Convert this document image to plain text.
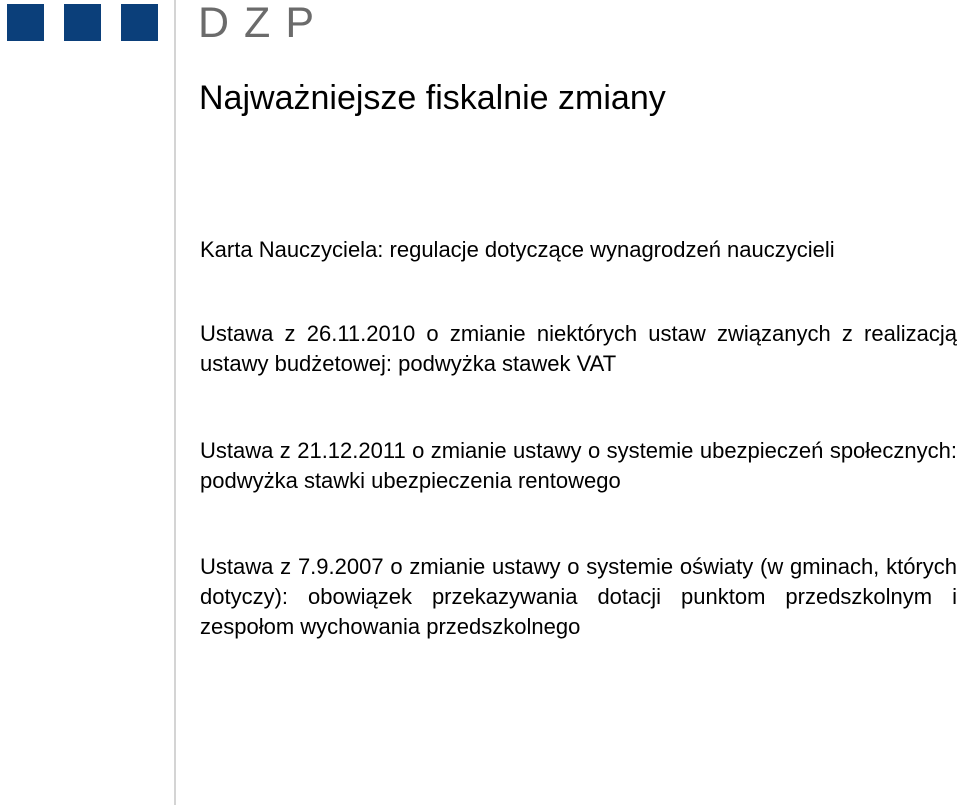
DZP

Najważniejsze fiskalnie zmiany

Karta Nauczyciela: regulacje dotyczące wynagrodzeń nauczycieli

Ustawa z 26.11.2010 o zmianie niektórych ustaw związanych z realizacją ustawy budżetowej: podwyżka stawek VAT

Ustawa z 21.12.2011 o zmianie ustawy o systemie ubezpieczeń społecznych: podwyżka stawki ubezpieczenia rentowego

Ustawa z 7.9.2007 o zmianie ustawy o systemie oświaty (w gminach, których dotyczy): obowiązek przekazywania dotacji punktom przedszkolnym i zespołom wychowania przedszkolnego
